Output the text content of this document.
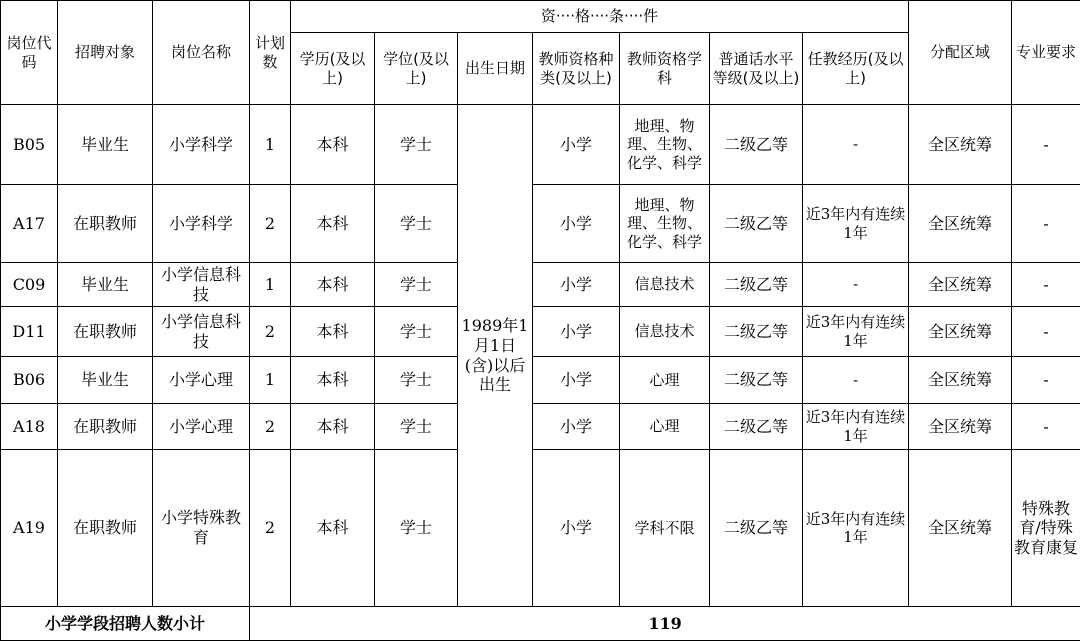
岗位代码	招聘对象	岗位名称	计划数	资····格····条····件							分配区域	专业要求
				学历(及以上)	学位(及以上)	出生日期	教师资格种类(及以上)	教师资格学科	普通话水平等级(及以上)	任教经历(及以上)		
B05	毕业生	小学科学	1	本科	学士	1989年1月1日(含)以后出生	小学	地理、物理、生物、化学、科学	二级乙等	-	全区统筹	-
A17	在职教师	小学科学	2	本科	学士		小学	地理、物理、生物、化学、科学	二级乙等	近3年内有连续1年	全区统筹	-
C09	毕业生	小学信息科技	1	本科	学士		小学	信息技术	二级乙等	-	全区统筹	-
D11	在职教师	小学信息科技	2	本科	学士		小学	信息技术	二级乙等	近3年内有连续1年	全区统筹	-
B06	毕业生	小学心理	1	本科	学士		小学	心理	二级乙等	-	全区统筹	-
A18	在职教师	小学心理	2	本科	学士		小学	心理	二级乙等	近3年内有连续1年	全区统筹	-
A19	在职教师	小学特殊教育	2	本科	学士		小学	学科不限	二级乙等	近3年内有连续1年	全区统筹	特殊教育/特殊教育康复
小学学段招聘人数小计			119									
